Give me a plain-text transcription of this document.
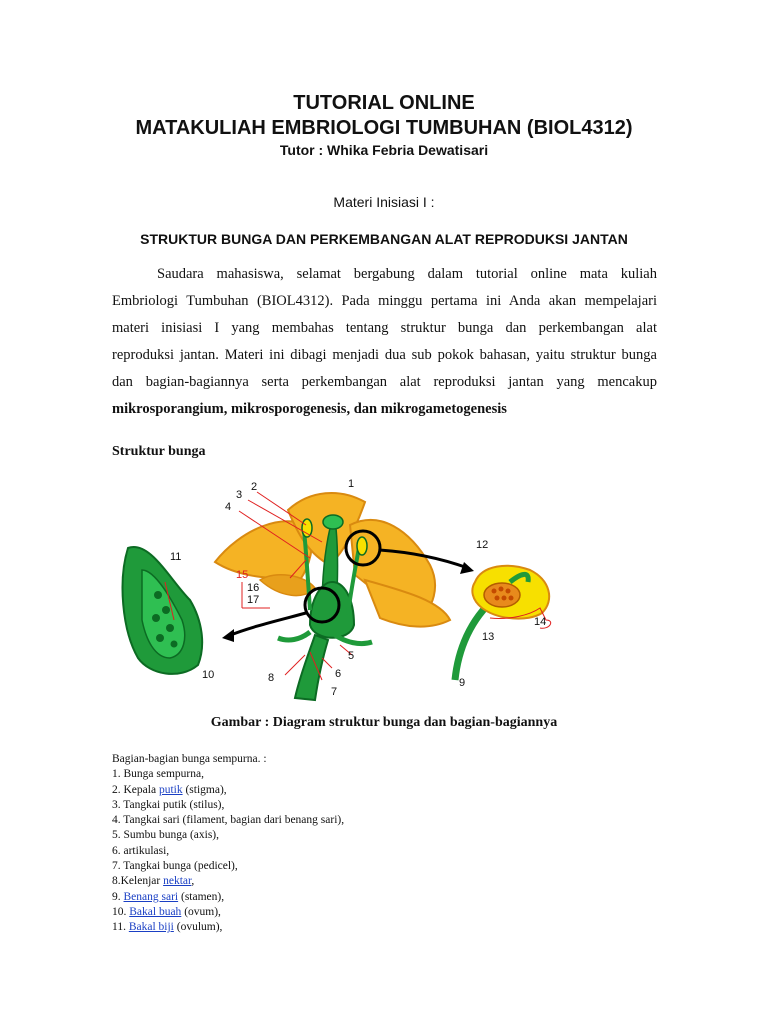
TUTORIAL ONLINE
MATAKULIAH EMBRIOLOGI TUMBUHAN (BIOL4312)
Tutor : Whika Febria Dewatisari
Materi Inisiasi I :
STRUKTUR BUNGA DAN PERKEMBANGAN ALAT REPRODUKSI JANTAN

Saudara mahasiswa, selamat bergabung dalam tutorial online mata kuliah

Embriologi Tumbuhan (BIOL4312). Pada minggu pertama ini Anda akan mempelajari

materi inisiasi I yang membahas tentang struktur bunga dan perkembangan alat

reproduksi jantan. Materi ini dibagi menjadi dua sub pokok bahasan, yaitu struktur bunga

dan bagian-bagiannya serta perkembangan alat reproduksi jantan yang mencakup

mikrosporangium, mikrosporogenesis, dan mikrogametogenesis

Struktur bunga
1
2
3
4
5
6
7
8	9
10
11
12
13
14
15
16
17
Gambar : Diagram struktur bunga dan bagian-bagiannya
Bagian-bagian bunga sempurna. :
1. Bunga sempurna,
2. Kepala putik (stigma),
3. Tangkai putik (stilus),
4. Tangkai sari (filament, bagian dari benang sari),
5. Sumbu bunga (axis),
6. artikulasi,
7. Tangkai bunga (pedicel),
8.Kelenjar nektar,
9. Benang sari (stamen),
10. Bakal buah (ovum),
11. Bakal biji (ovulum),
